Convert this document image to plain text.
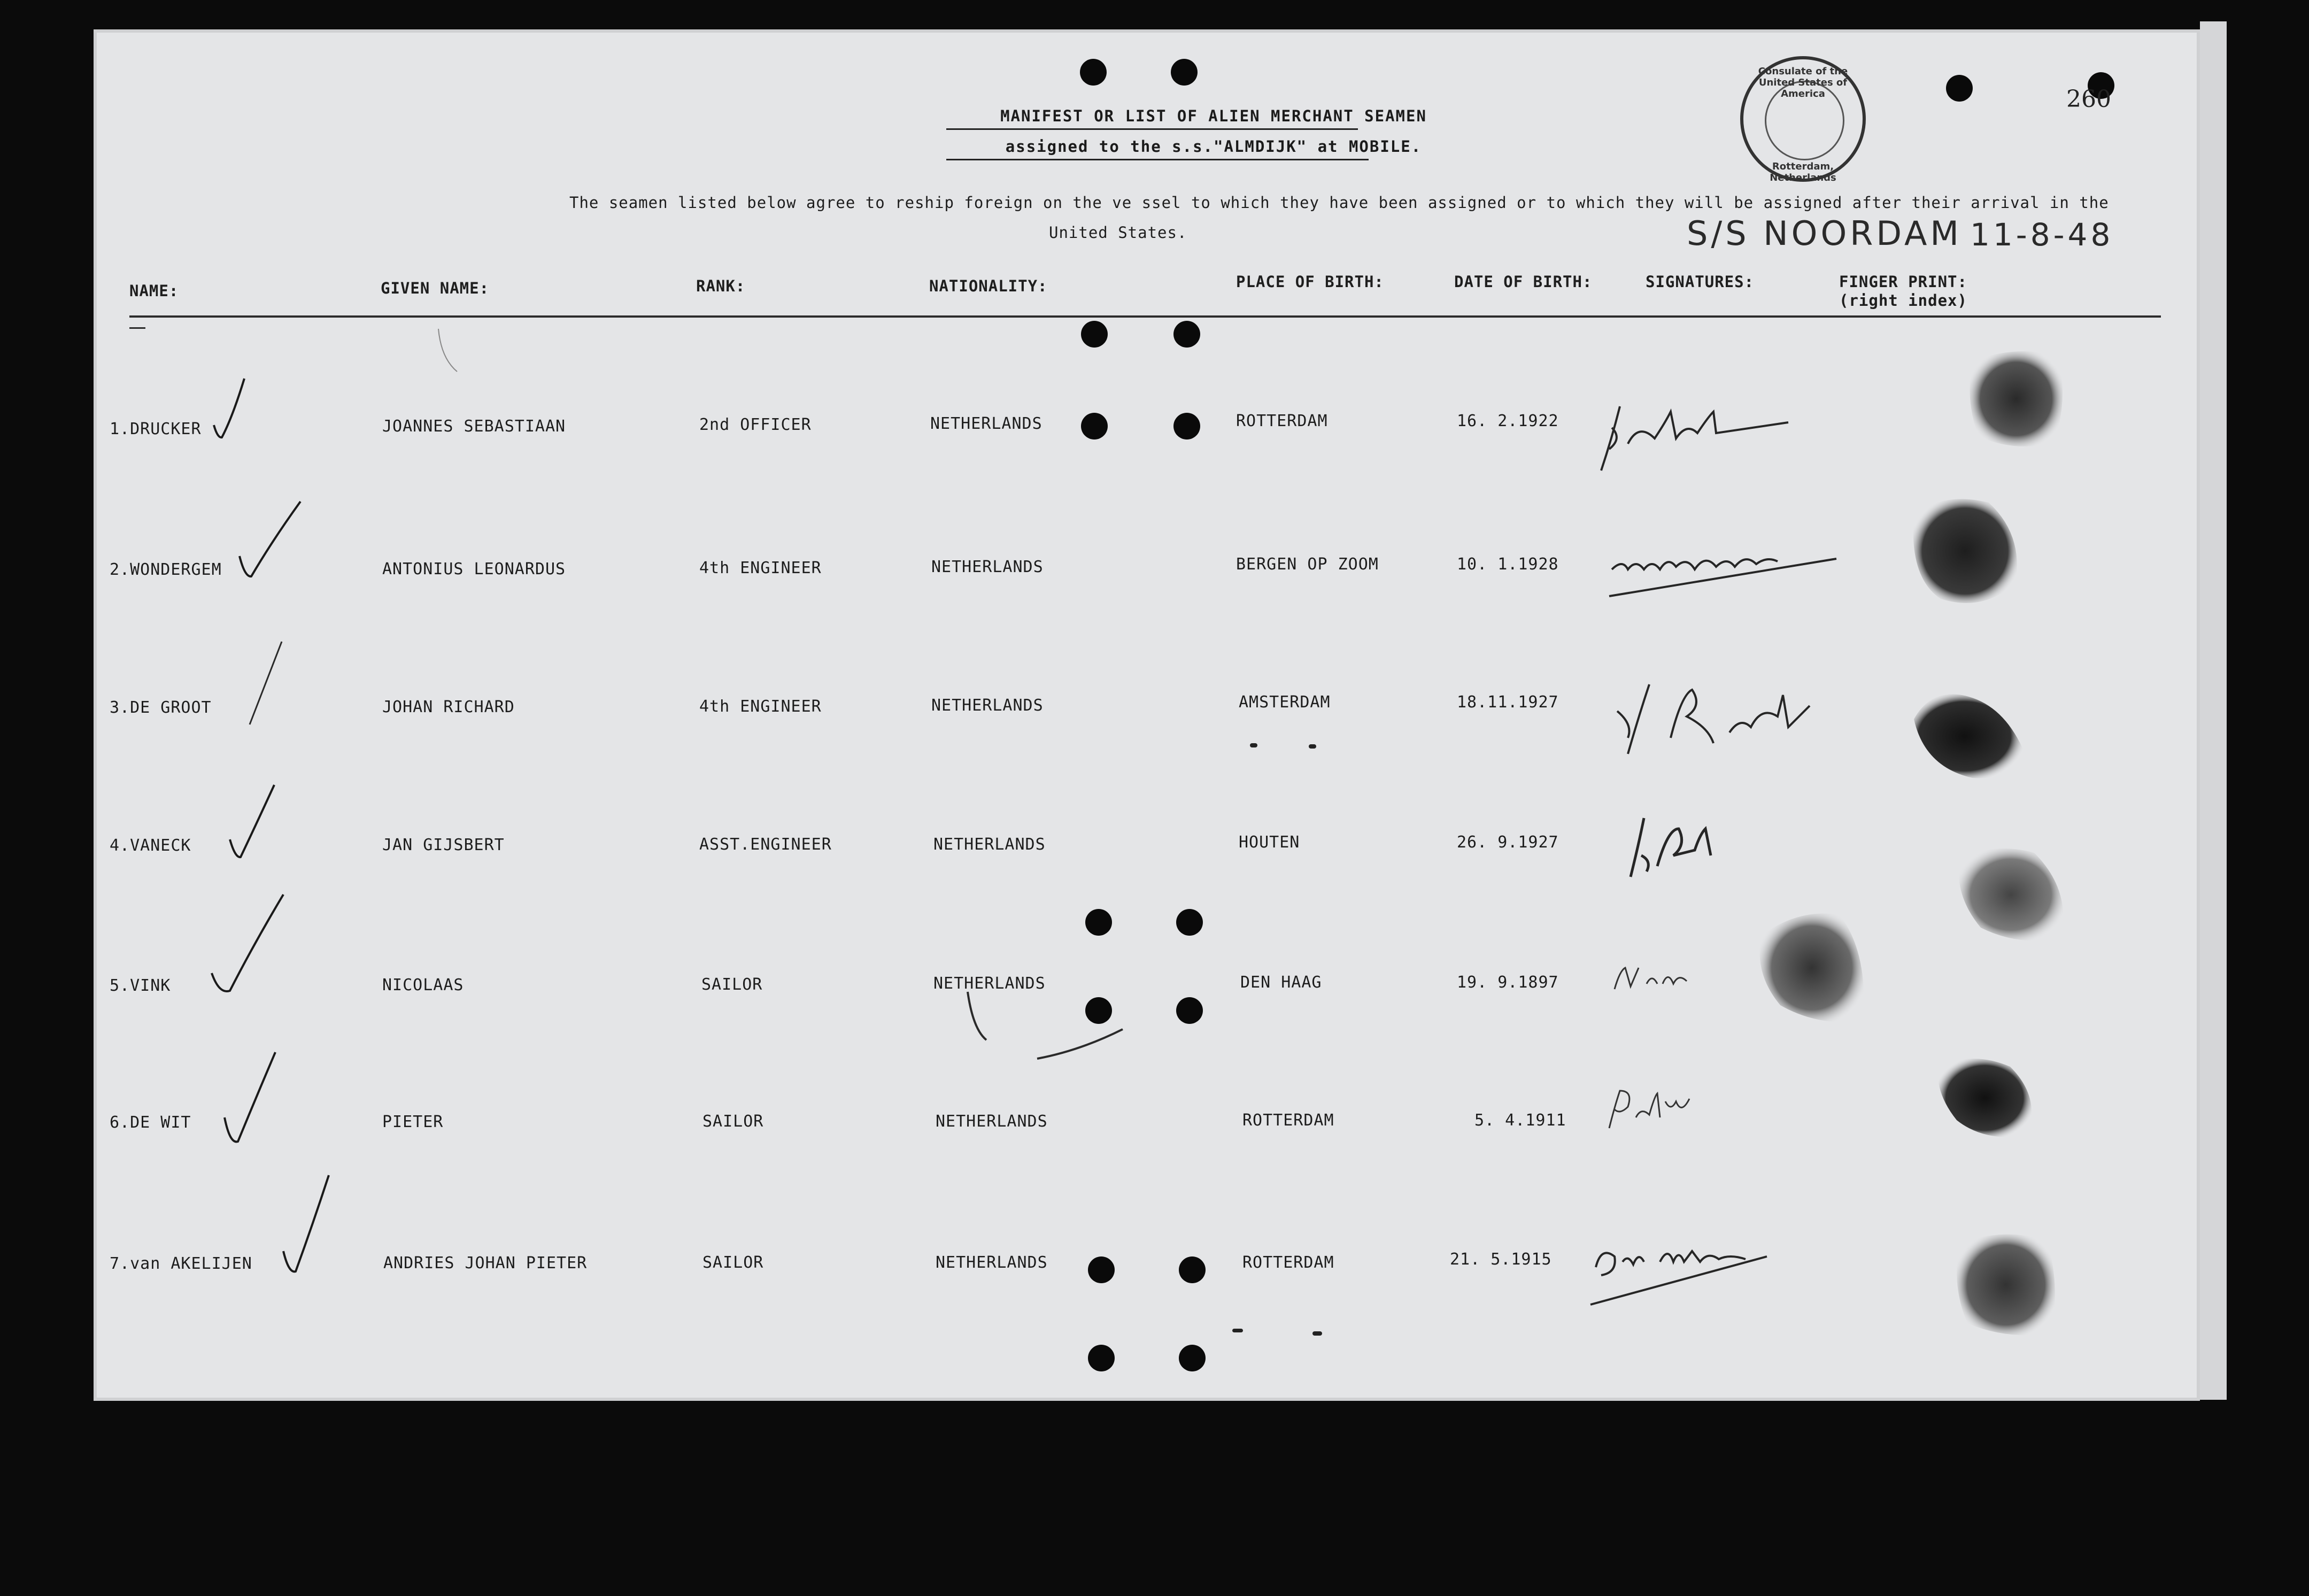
Consulate of the United States of America
Rotterdam, Netherlands
260
MANIFEST OR LIST OF ALIEN MERCHANT SEAMEN
assigned to the s.s."ALMDIJK" at MOBILE.
The seamen listed below agree to reship foreign on the ve ssel to which they have been assigned or to which they will be assigned after their arrival in the
United States.	S/S NOORDAM 11-8-48
NAME:	GIVEN NAME:	RANK:	NATIONALITY:	PLACE OF BIRTH:	DATE OF BIRTH:	SIGNATURES:	FINGER PRINT:
(right index)
1.DRUCKER	JOANNES SEBASTIAAN	2nd OFFICER	NETHERLANDS	ROTTERDAM	16. 2.1922
2.WONDERGEM	ANTONIUS LEONARDUS	4th ENGINEER	NETHERLANDS	BERGEN OP ZOOM	10. 1.1928
3.DE GROOT	JOHAN RICHARD	4th ENGINEER	NETHERLANDS	AMSTERDAM	18.11.1927
4.VANECK	JAN GIJSBERT	ASST.ENGINEER	NETHERLANDS	HOUTEN	26. 9.1927
5.VINK	NICOLAAS	SAILOR	NETHERLANDS	DEN HAAG	19. 9.1897
6.DE WIT	PIETER	SAILOR	NETHERLANDS	ROTTERDAM	5. 4.1911
7.van AKELIJEN	ANDRIES JOHAN PIETER	SAILOR	NETHERLANDS	ROTTERDAM	21. 5.1915
